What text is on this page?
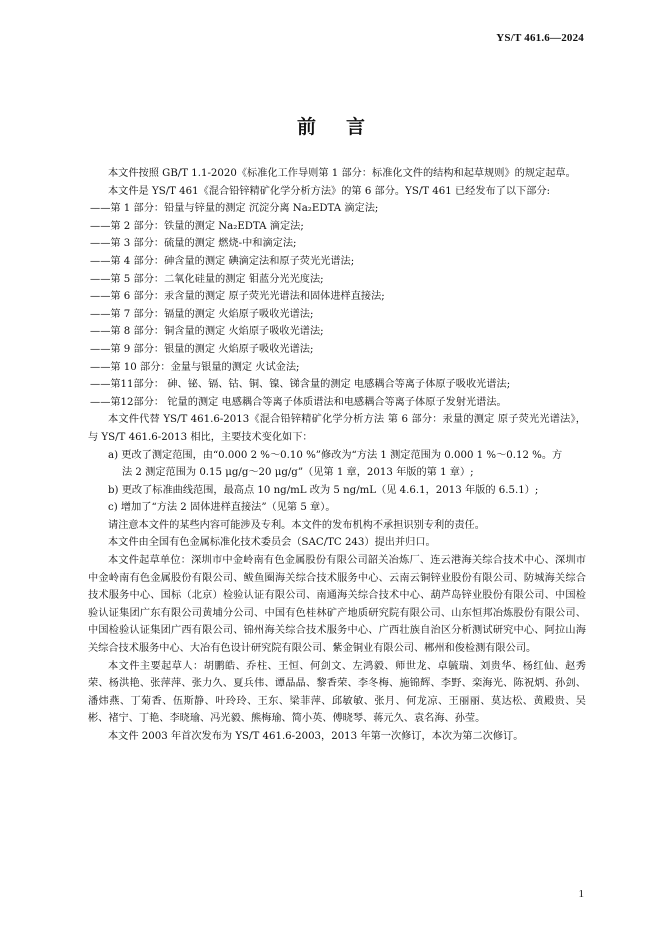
YS/T 461.6—2024
前言

本文件按照 GB/T 1.1-2020《标准化工作导则第 1 部分：标准化文件的结构和起草规则》的规定起草。

本文件是 YS/T 461《混合铅锌精矿化学分析方法》的第 6 部分。YS/T 461 已经发布了以下部分:

——第 1 部分：铅量与锌量的测定 沉淀分离 Na₂EDTA 滴定法;

——第 2 部分：铁量的测定 Na₂EDTA 滴定法;

——第 3 部分：硫量的测定 燃烧-中和滴定法;

——第 4 部分：砷含量的测定 碘滴定法和原子荧光光谱法;

——第 5 部分：二氧化硅量的测定 钼蓝分光光度法;

——第 6 部分：汞含量的测定 原子荧光光谱法和固体进样直接法;

——第 7 部分：镉量的测定 火焰原子吸收光谱法;

——第 8 部分：铜含量的测定 火焰原子吸收光谱法;

——第 9 部分：银量的测定 火焰原子吸收光谱法;

——第 10 部分：金量与银量的测定 火试金法;

——第11部分： 砷、铋、镉、钴、铜、镍、锑含量的测定 电感耦合等离子体原子吸收光谱法;

——第12部分： 铊量的测定 电感耦合等离子体质谱法和电感耦合等离子体原子发射光谱法。

本文件代替 YS/T 461.6-2013《混合铅锌精矿化学分析方法 第 6 部分：汞量的测定 原子荧光光谱法》，与 YS/T 461.6-2013 相比，主要技术变化如下：

a) 更改了测定范围，由“0.000 2 %～0.10 %”修改为“方法 1 测定范围为 0.000 1 %～0.12 %。方

法 2 测定范围为 0.15 μg/g～20 μg/g”（见第 1 章，2013 年版的第 1 章）;

b) 更改了标准曲线范围，最高点 10 ng/mL 改为 5 ng/mL（见 4.6.1，2013 年版的 6.5.1）;

c) 增加了“方法 2 固体进样直接法”（见第 5 章）。

请注意本文件的某些内容可能涉及专利。本文件的发布机构不承担识别专利的责任。

本文件由全国有色金属标准化技术委员会（SAC/TC 243）提出并归口。

本文件起草单位：深圳市中金岭南有色金属股份有限公司韶关冶炼厂、连云港海关综合技术中心、深圳市中金岭南有色金属股份有限公司、鲅鱼圈海关综合技术服务中心、云南云铜锌业股份有限公司、防城海关综合技术服务中心、国标（北京）检验认证有限公司、南通海关综合技术中心、葫芦岛锌业股份有限公司、中国检验认证集团广东有限公司黄埔分公司、中国有色桂林矿产地质研究院有限公司、山东恒邦冶炼股份有限公司、中国检验认证集团广西有限公司、锦州海关综合技术服务中心、广西壮族自治区分析测试研究中心、阿拉山海关综合技术服务中心、大冶有色设计研究院有限公司、紫金铜业有限公司、郴州和俊检测有限公司。

本文件主要起草人：胡鹏皓、乔柱、王恒、何剑文、左鸿毅、师世龙、卓毓瑞、刘贵华、杨红仙、赵秀荣、杨洪艳、张萍萍、张力久、夏兵伟、谭晶晶、黎香荣、李冬梅、施锦辉、李野、栾海光、陈祝炳、孙剑、潘炜燕、丁菊香、伍斯静、叶玲玲、王东、梁菲萍、邱敏敏、张月、何龙凉、王丽丽、莫达松、黄殿贵、吴彬、褚宁、丁艳、李晓瑜、冯光毅、熊梅瑜、简小英、傅晓琴、蒋元久、袁名海、孙莹。

本文件 2003 年首次发布为 YS/T 461.6-2003，2013 年第一次修订，本次为第二次修订。

1
